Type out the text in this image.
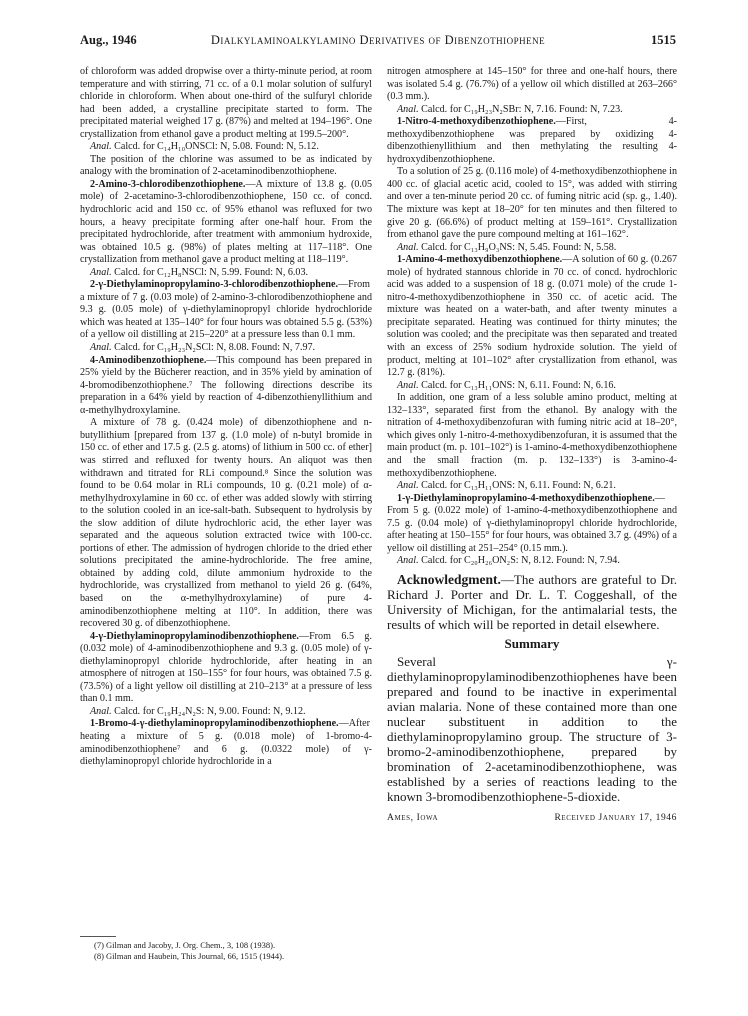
Aug., 1946	Dialkylaminoalkylamino Derivatives of Dibenzothiophene	1515

of chloroform was added dropwise over a thirty-minute period, at room temperature and with stirring, 71 cc. of a 0.1 molar solution of sulfuryl chloride in chloroform. When about one-third of the sulfuryl chloride had been added, a crystalline precipitate started to form. The precipitated material weighed 17 g. (87%) and melted at 194–196°. One crystallization from ethanol gave a product melting at 199.5–200°.

Anal. Calcd. for C₁₄H₁₀ONSCl: N, 5.08. Found: N, 5.12.

The position of the chlorine was assumed to be as indicated by analogy with the bromination of 2-acetaminodibenzothiophene.

2-Amino-3-chlorodibenzothiophene.—A mixture of 13.8 g. (0.05 mole) of 2-acetamino-3-chlorodibenzothiophene, 150 cc. of concd. hydrochloric acid and 150 cc. of 95% ethanol was refluxed for two hours, a heavy precipitate forming after one-half hour. From the precipitated hydrochloride, after treatment with ammonium hydroxide, was obtained 10.5 g. (98%) of plates melting at 117–118°. One crystallization from methanol gave a product melting at 118–119°.

Anal. Calcd. for C₁₂H₈NSCl: N, 5.99. Found: N, 6.03.

2-γ-Diethylaminopropylamino-3-chlorodibenzothiophene.—From a mixture of 7 g. (0.03 mole) of 2-amino-3-chlorodibenzothiophene and 9.3 g. (0.05 mole) of γ-diethylaminopropyl chloride hydrochloride which was heated at 135–140° for four hours was obtained 5.5 g. (53%) of a yellow oil distilling at 215–220° at a pressure less than 0.1 mm.

Anal. Calcd. for C₁₉H₂₃N₂SCl: N, 8.08. Found: N, 7.97.

4-Aminodibenzothiophene.—This compound has been prepared in 25% yield by the Bücherer reaction, and in 35% yield by amination of 4-bromodibenzothiophene.⁷ The following directions describe its preparation in a 64% yield by reaction of 4-dibenzothienyllithium and α-methylhydroxylamine.

A mixture of 78 g. (0.424 mole) of dibenzothiophene and n-butyllithium [prepared from 137 g. (1.0 mole) of n-butyl bromide in 150 cc. of ether and 17.5 g. (2.5 g. atoms) of lithium in 500 cc. of ether] was stirred and refluxed for twenty hours. An aliquot was then withdrawn and titrated for RLi compound.⁸ Since the solution was found to be 0.64 molar in RLi compounds, 10 g. (0.21 mole) of α-methylhydroxylamine in 60 cc. of ether was added slowly with stirring to the solution cooled in an ice-salt-bath. Subsequent to hydrolysis by the slow addition of dilute hydrochloric acid, the ether layer was separated and the aqueous solution extracted twice with 100-cc. portions of ether. The admission of hydrogen chloride to the dried ether solutions precipitated the amine-hydrochloride. The free amine, obtained by adding cold, dilute ammonium hydroxide to the hydrochloride, was crystallized from methanol to yield 26 g. (64%, based on the α-methylhydroxylamine) of pure 4-aminodibenzothiophene melting at 110°. In addition, there was recovered 30 g. of dibenzothiophene.

4-γ-Diethylaminopropylaminodibenzothiophene.—From 6.5 g. (0.032 mole) of 4-aminodibenzothiophene and 9.3 g. (0.05 mole) of γ-diethylaminopropyl chloride hydrochloride, after heating in an atmosphere of nitrogen at 150–155° for four hours, was obtained 7.5 g. (73.5%) of a light yellow oil distilling at 210–213° at a pressure of less than 0.1 mm.

Anal. Calcd. for C₁₉H₂₄N₂S: N, 9.00. Found: N, 9.12.

1-Bromo-4-γ-diethylaminopropylaminodibenzothiophene.—After heating a mixture of 5 g. (0.018 mole) of 1-bromo-4-aminodibenzothiophene⁷ and 6 g. (0.0322 mole) of γ-diethylaminopropyl chloride hydrochloride in a

(7) Gilman and Jacoby, J. Org. Chem., 3, 108 (1938).
(8) Gilman and Haubein, This Journal, 66, 1515 (1944).

nitrogen atmosphere at 145–150° for three and one-half hours, there was isolated 5.4 g. (76.7%) of a yellow oil which distilled at 263–266° (0.3 mm.).

Anal. Calcd. for C₁₉H₂₃N₂SBr: N, 7.16. Found: N, 7.23.

1-Nitro-4-methoxydibenzothiophene.—First, 4-methoxydibenzothiophene was prepared by oxidizing 4-dibenzothienyllithium and then methylating the resulting 4-hydroxydibenzothiophene.

To a solution of 25 g. (0.116 mole) of 4-methoxydibenzothiophene in 400 cc. of glacial acetic acid, cooled to 15°, was added with stirring and over a ten-minute period 20 cc. of fuming nitric acid (sp. g., 1.40). The mixture was kept at 18–20° for ten minutes and then filtered to give 20 g. (66.6%) of product melting at 159–161°. Crystallization from ethanol gave the pure compound melting at 161–162°.

Anal. Calcd. for C₁₃H₉O₃NS: N, 5.45. Found: N, 5.58.

1-Amino-4-methoxydibenzothiophene.—A solution of 60 g. (0.267 mole) of hydrated stannous chloride in 70 cc. of concd. hydrochloric acid was added to a suspension of 18 g. (0.071 mole) of the crude 1-nitro-4-methoxydibenzothiophene in 350 cc. of acetic acid. The mixture was heated on a water-bath, and after twenty minutes a precipitate separated. Heating was continued for thirty minutes; the solution was cooled; and the precipitate was then separated and treated with an excess of 25% sodium hydroxide solution. The yield of product, melting at 101–102° after crystallization from ethanol, was 12.7 g. (81%).

Anal. Calcd. for C₁₃H₁₁ONS: N, 6.11. Found: N, 6.16.

In addition, one gram of a less soluble amino product, melting at 132–133°, separated first from the ethanol. By analogy with the nitration of 4-methoxydibenzofuran with fuming nitric acid at 18–20°, which gives only 1-nitro-4-methoxydibenzofuran, it is assumed that the main product (m. p. 101–102°) is 1-amino-4-methoxydibenzothiophene and the small fraction (m. p. 132–133°) is 3-amino-4-methoxydibenzothiophene.

Anal. Calcd. for C₁₃H₁₁ONS: N, 6.11. Found: N, 6.21.

1-γ-Diethylaminopropylamino-4-methoxydibenzothiophene.—From 5 g. (0.022 mole) of 1-amino-4-methoxydibenzothiophene and 7.5 g. (0.04 mole) of γ-diethylaminopropyl chloride hydrochloride, after heating at 150–155° for four hours, was obtained 3.7 g. (49%) of a yellow oil distilling at 251–254° (0.15 mm.).

Anal. Calcd. for C₂₀H₂₆ON₂S: N, 8.12. Found: N, 7.94.

Acknowledgment.—The authors are grateful to Dr. Richard J. Porter and Dr. L. T. Coggeshall, of the University of Michigan, for the antimalarial tests, the results of which will be reported in detail elsewhere.

Summary

Several γ-diethylaminopropylaminodibenzothiophenes have been prepared and found to be inactive in experimental avian malaria. None of these contained more than one nuclear substituent in addition to the diethylaminopropylamino group. The structure of 3-bromo-2-aminodibenzothiophene, prepared by bromination of 2-acetaminodibenzothiophene, was established by a series of reactions leading to the known 3-bromodibenzothiophene-5-dioxide.

Ames, Iowa	Received January 17, 1946
